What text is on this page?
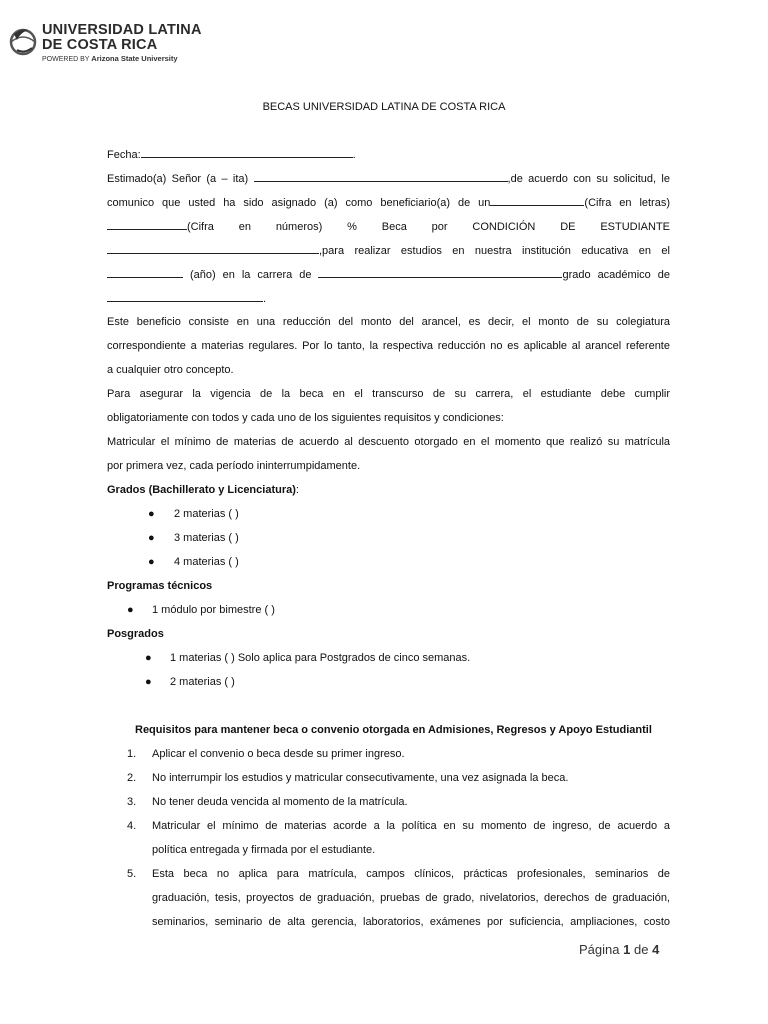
UNIVERSIDAD LATINA
DE COSTA RICA
POWERED BY Arizona State University
BECAS UNIVERSIDAD LATINA DE COSTA RICA
Fecha:	.
Estimado(a) Señor (a – ita)	,de acuerdo con su solicitud, le
comunico que usted ha sido asignado (a) como beneficiario(a) de un	(Cifra en letras)
(Cifra en números) % Beca por CONDICIÓN DE ESTUDIANTE
,para realizar estudios en nuestra institución educativa en el
(año) en la carrera de	grado académico de
.
Este beneficio consiste en una reducción del monto del arancel, es decir, el monto de su colegiatura
correspondiente a materias regulares. Por lo tanto, la respectiva reducción no es aplicable al arancel referente
a cualquier otro concepto.
Para asegurar la vigencia de la beca en el transcurso de su carrera, el estudiante debe cumplir
obligatoriamente con todos y cada uno de los siguientes requisitos y condiciones:
Matricular el mínimo de materias de acuerdo al descuento otorgado en el momento que realizó su matrícula
por primera vez, cada período ininterrumpidamente.
Grados (Bachillerato y Licenciatura):
● 2 materias ( )
● 3 materias ( )
● 4 materias ( )
Programas técnicos
● 1 módulo por bimestre ( )
Posgrados
● 1 materias ( ) Solo aplica para Postgrados de cinco semanas.
● 2 materias ( )
Requisitos para mantener beca o convenio otorgada en Admisiones, Regresos y Apoyo Estudiantil
1. Aplicar el convenio o beca desde su primer ingreso.
2. No interrumpir los estudios y matricular consecutivamente, una vez asignada la beca.
3. No tener deuda vencida al momento de la matrícula.
4. Matricular el mínimo de materias acorde a la política en su momento de ingreso, de acuerdo a
política entregada y firmada por el estudiante.
5. Esta beca no aplica para matrícula, campos clínicos, prácticas profesionales, seminarios de
graduación, tesis, proyectos de graduación, pruebas de grado, nivelatorios, derechos de graduación,
seminarios, seminario de alta gerencia, laboratorios, exámenes por suficiencia, ampliaciones, costo
Página 1 de 4
